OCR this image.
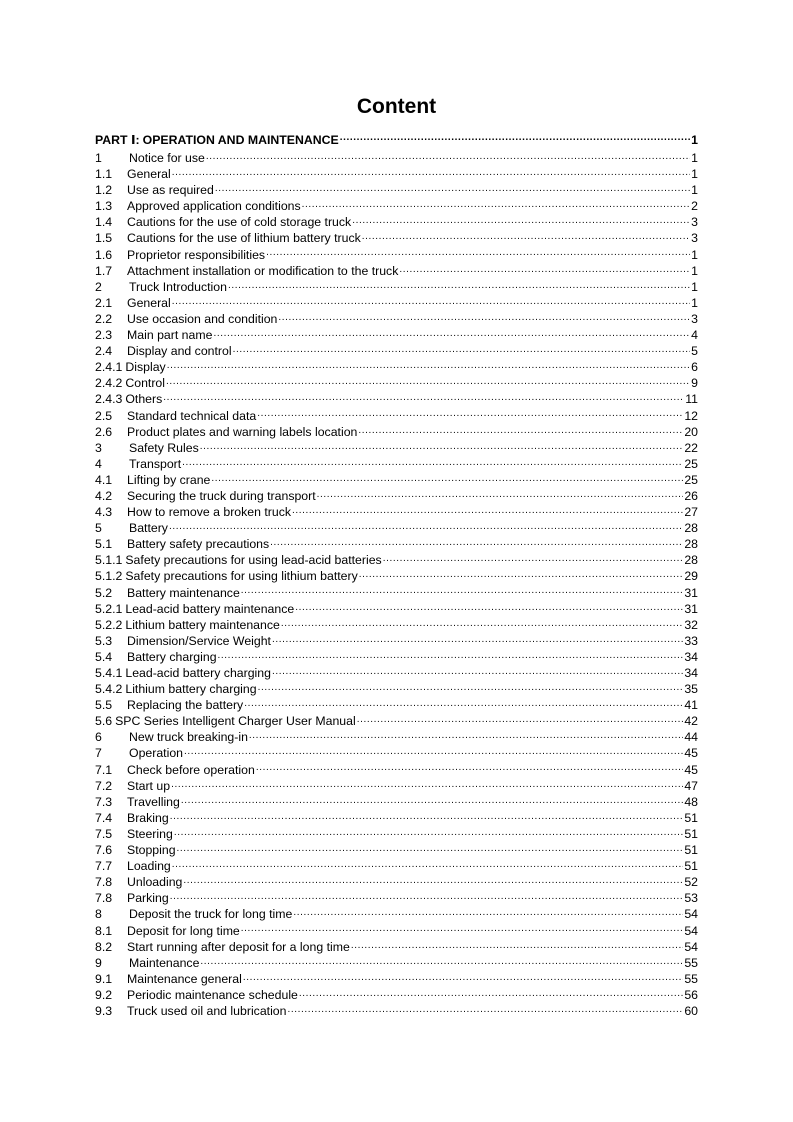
Content
PART Ⅰ: OPERATION AND MAINTENANCE .....	1
1	Notice for use .....	1
1.1	General .....	1
1.2	Use as required .....	1
1.3	Approved application conditions .....	2
1.4	Cautions for the use of cold storage truck .....	3
1.5	Cautions for the use of lithium battery truck .....	3
1.6	Proprietor responsibilities .....	1
1.7	Attachment installation or modification to the truck .....	1
2	Truck Introduction .....	1
2.1	General .....	1
2.2	Use occasion and condition .....	3
2.3	Main part name .....	4
2.4	Display and control .....	5
2.4.1 Display .....	6
2.4.2 Control .....	9
2.4.3 Others .....	11
2.5	Standard technical data .....	12
2.6	Product plates and warning labels location .....	20
3	Safety Rules .....	22
4	Transport .....	25
4.1	Lifting by crane .....	25
4.2	Securing the truck during transport .....	26
4.3	How to remove a broken truck .....	27
5	Battery .....	28
5.1	Battery safety precautions .....	28
5.1.1 Safety precautions for using lead-acid batteries .....	28
5.1.2 Safety precautions for using lithium battery .....	29
5.2	Battery maintenance .....	31
5.2.1 Lead-acid battery maintenance .....	31
5.2.2 Lithium battery maintenance .....	32
5.3	Dimension/Service Weight .....	33
5.4	Battery charging .....	34
5.4.1 Lead-acid battery charging .....	34
5.4.2 Lithium battery charging .....	35
5.5	Replacing the battery .....	41
5.6 SPC Series Intelligent Charger User Manual .....	42
6	New truck breaking-in .....	44
7	Operation .....	45
7.1	Check before operation .....	45
7.2	Start up .....	47
7.3	Travelling .....	48
7.4	Braking .....	51
7.5	Steering .....	51
7.6	Stopping .....	51
7.7	Loading .....	51
7.8	Unloading .....	52
7.8	Parking .....	53
8	Deposit the truck for long time .....	54
8.1	Deposit for long time .....	54
8.2	Start running after deposit for a long time .....	54
9	Maintenance .....	55
9.1	Maintenance general .....	55
9.2	Periodic maintenance schedule .....	56
9.3	Truck used oil and lubrication .....	60
